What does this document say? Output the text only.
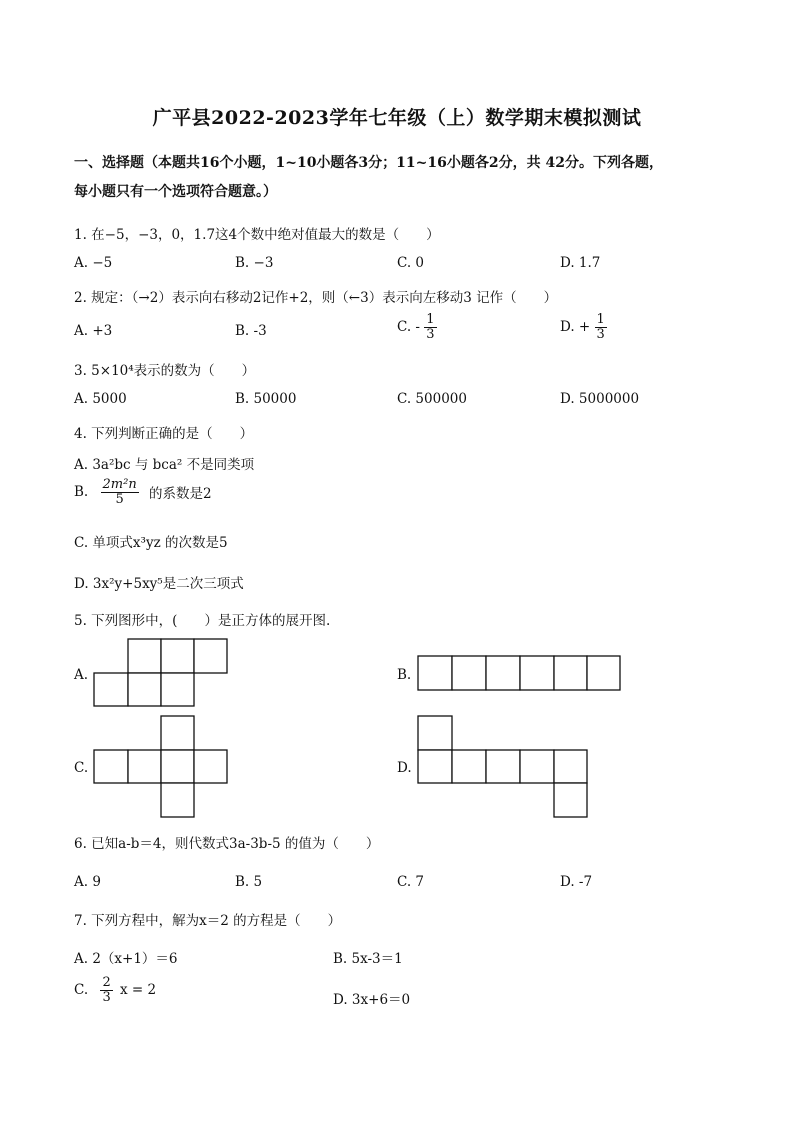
广平县2022-2023学年七年级（上）数学期末模拟测试
一、选择题（本题共16个小题，1~10小题各3分；11~16小题各2分，共 42分。下列各题，
每小题只有一个选项符合题意。）
1. 在−5，−3，0，1.7这4个数中绝对值最大的数是（　　）
A. −5	B. −3	C. 0	D. 1.7
2. 规定：（→2）表示向右移动2记作+2，则（←3）表示向左移动3 记作（　　）
A. +3	B. -3	C. - $\frac{1}{3}$	D. + $\frac{1}{3}$
3. 5×10⁴表示的数为（　　）
A. 5000	B. 50000	C. 500000	D. 5000000
4. 下列判断正确的是（　　）
A. 3a²bc 与 bca² 不是同类项
B. $\frac{\text{2m²n}}{5}$ 的系数是2
C. 单项式x³yz 的次数是5
D. 3x²y+5xy⁵是二次三项式
5. 下列图形中，(　　）是正方体的展开图.
A.	B.
C.	D.
6. 已知a-b＝4，则代数式3a-3b-5 的值为（　　）
A. 9	B. 5	C. 7	D. -7
7. 下列方程中，解为x＝2 的方程是（　　）
A. 2（x+1）＝6	B. 5x-3＝1
C. $\frac{2}{3}$ x = 2
D. 3x+6＝0
